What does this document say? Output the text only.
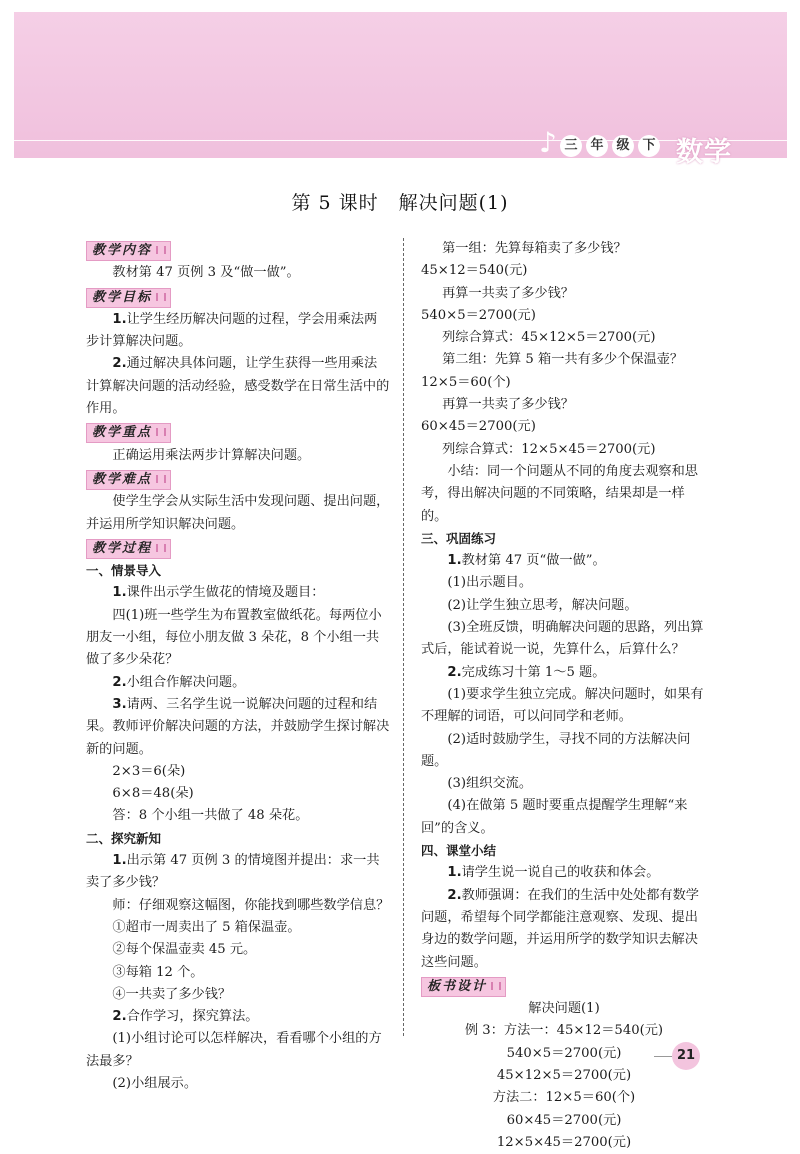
♪ 三 年 级 下 数学
第 5 课时　解决问题(1)
教学内容

教材第 47 页例 3 及“做一做”。

教学目标

1.让学生经历解决问题的过程，学会用乘法两步计算解决问题。

2.通过解决具体问题，让学生获得一些用乘法计算解决问题的活动经验，感受数学在日常生活中的作用。

教学重点

正确运用乘法两步计算解决问题。

教学难点

使学生学会从实际生活中发现问题、提出问题，并运用所学知识解决问题。

教学过程

一、情景导入

1.课件出示学生做花的情境及题目：

四(1)班一些学生为布置教室做纸花。每两位小朋友一小组，每位小朋友做 3 朵花，8 个小组一共做了多少朵花？

2.小组合作解决问题。

3.请两、三名学生说一说解决问题的过程和结果。教师评价解决问题的方法，并鼓励学生探讨解决新的问题。

2×3＝6(朵)

6×8＝48(朵)

答：8 个小组一共做了 48 朵花。

二、探究新知

1.出示第 47 页例 3 的情境图并提出：求一共卖了多少钱？

师：仔细观察这幅图，你能找到哪些数学信息？

①超市一周卖出了 5 箱保温壶。

②每个保温壶卖 45 元。

③每箱 12 个。

④一共卖了多少钱？

2.合作学习，探究算法。

(1)小组讨论可以怎样解决，看看哪个小组的方法最多？

(2)小组展示。

第一组：先算每箱卖了多少钱？

45×12＝540(元)

再算一共卖了多少钱？

540×5＝2700(元)

列综合算式：45×12×5＝2700(元)

第二组：先算 5 箱一共有多少个保温壶？

12×5＝60(个)

再算一共卖了多少钱？

60×45＝2700(元)

列综合算式：12×5×45＝2700(元)

小结：同一个问题从不同的角度去观察和思考，得出解决问题的不同策略，结果却是一样的。

三、巩固练习

1.教材第 47 页“做一做”。

(1)出示题目。

(2)让学生独立思考，解决问题。

(3)全班反馈，明确解决问题的思路，列出算式后，能试着说一说，先算什么，后算什么？

2.完成练习十第 1～5 题。

(1)要求学生独立完成。解决问题时，如果有不理解的词语，可以问同学和老师。

(2)适时鼓励学生，寻找不同的方法解决问题。

(3)组织交流。

(4)在做第 5 题时要重点提醒学生理解“来回”的含义。

四、课堂小结

1.请学生说一说自己的收获和体会。

2.教师强调：在我们的生活中处处都有数学问题，希望每个同学都能注意观察、发现、提出身边的数学问题，并运用所学的数学知识去解决这些问题。

板书设计

解决问题(1)

例 3：方法一：45×12＝540(元)

540×5＝2700(元)

45×12×5＝2700(元)

方法二：12×5＝60(个)

60×45＝2700(元)

12×5×45＝2700(元)

21
